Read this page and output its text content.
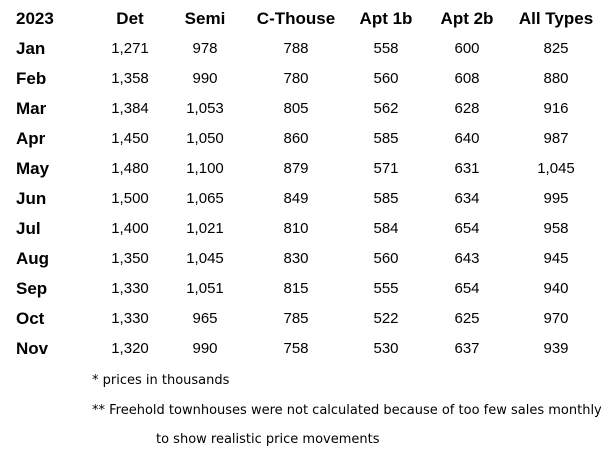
2023	Det	Semi	C-Thouse	Apt 1b	Apt 2b	All Types
Jan	1,271	978	788	558	600	825
Feb	1,358	990	780	560	608	880
Mar	1,384	1,053	805	562	628	916
Apr	1,450	1,050	860	585	640	987
May	1,480	1,100	879	571	631	1,045
Jun	1,500	1,065	849	585	634	995
Jul	1,400	1,021	810	584	654	958
Aug	1,350	1,045	830	560	643	945
Sep	1,330	1,051	815	555	654	940
Oct	1,330	965	785	522	625	970
Nov	1,320	990	758	530	637	939
* prices in thousands
** Freehold townhouses were not calculated because of too few sales monthly
to show realistic price movements
